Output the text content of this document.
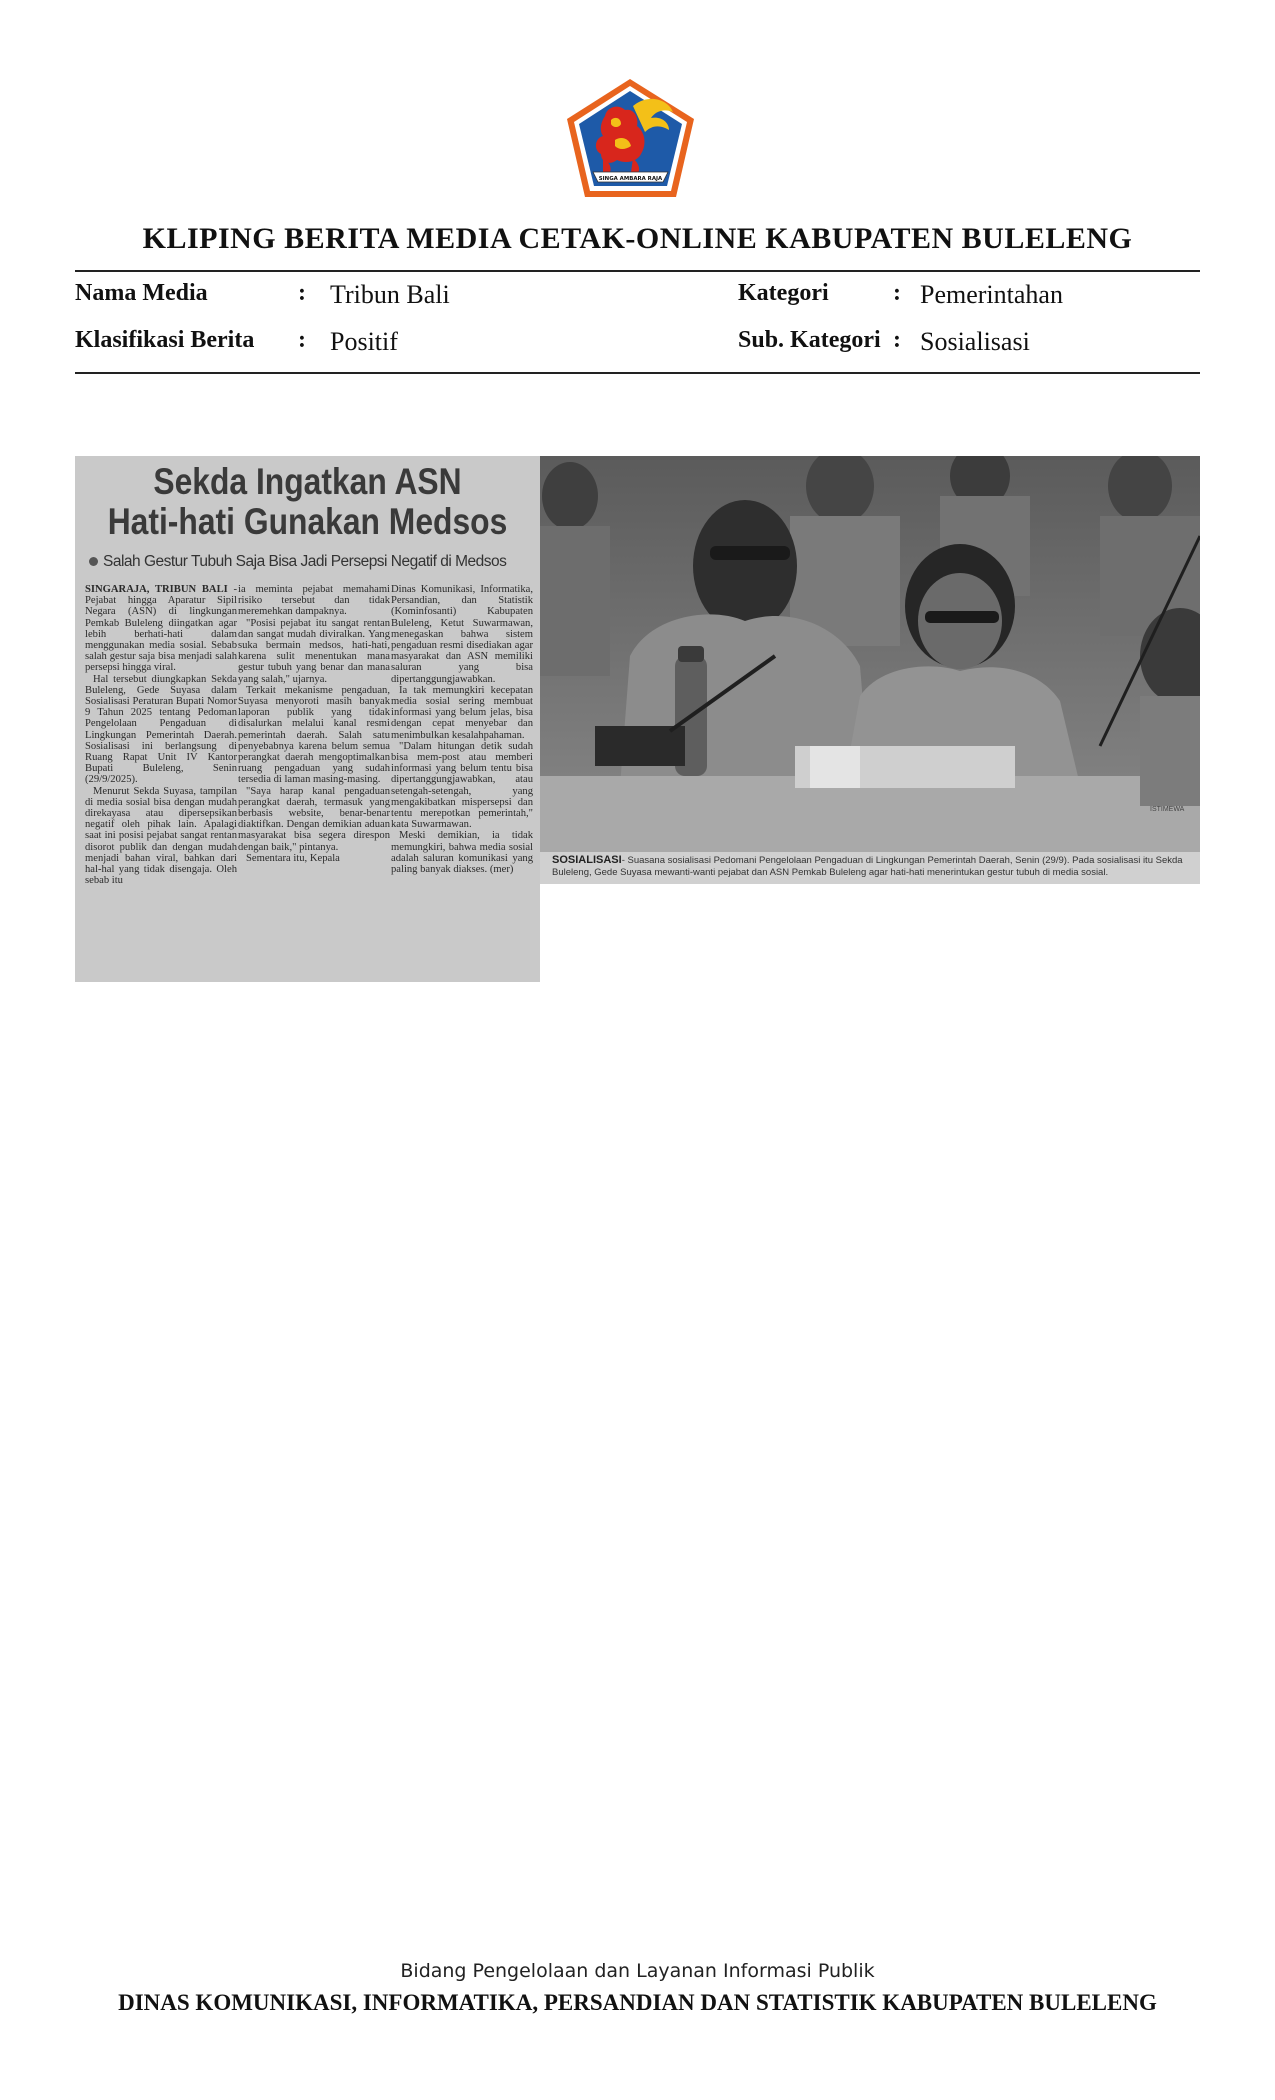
SINGA AMBARA RAJA
KLIPING BERITA MEDIA CETAK-ONLINE KABUPATEN BULELENG
Nama Media	: Tribun Bali	Kategori	: Pemerintahan
Klasifikasi Berita : Positif	Sub. Kategori : Sosialisasi
Sekda Ingatkan ASN
Hati-hati Gunakan Medsos
Salah Gestur Tubuh Saja Bisa Jadi Persepsi Negatif di Medsos

SINGARAJA, TRIBUN BALI - Pejabat hingga Aparatur Sipil Negara (ASN) di lingkungan Pemkab Buleleng diingatkan agar lebih berhati-hati dalam menggunakan media sosial. Sebab salah gestur saja bisa menjadi salah persepsi hingga viral.

Hal tersebut diungkapkan Sekda Buleleng, Gede Suyasa dalam Sosialisasi Peraturan Bupati Nomor 9 Tahun 2025 tentang Pedoman Pengelolaan Pengaduan di Lingkungan Pemerintah Daerah. Sosialisasi ini berlangsung di Ruang Rapat Unit IV Kantor Bupati Buleleng, Senin (29/9/2025).

Menurut Sekda Suyasa, tampilan di media sosial bisa dengan mudah direkayasa atau dipersepsikan negatif oleh pihak lain. Apalagi saat ini posisi pejabat sangat rentan disorot publik dan dengan mudah menjadi bahan viral, bahkan dari hal-hal yang tidak disengaja. Oleh sebab itu

ia meminta pejabat memahami risiko tersebut dan tidak meremehkan dampaknya.

"Posisi pejabat itu sangat rentan dan sangat mudah diviralkan. Yang suka bermain medsos, hati-hati, karena sulit menentukan mana gestur tubuh yang benar dan mana yang salah," ujarnya.

Terkait mekanisme pengaduan, Suyasa menyoroti masih banyak laporan publik yang tidak disalurkan melalui kanal resmi pemerintah daerah. Salah satu penyebabnya karena belum semua perangkat daerah mengoptimalkan ruang pengaduan yang sudah tersedia di laman masing-masing.

"Saya harap kanal pengaduan perangkat daerah, termasuk yang berbasis website, benar-benar diaktifkan. Dengan demikian aduan masyarakat bisa segera direspon dengan baik," pintanya.

Sementara itu, Kepala

Dinas Komunikasi, Informatika, Persandian, dan Statistik (Kominfosanti) Kabupaten Buleleng, Ketut Suwarmawan, menegaskan bahwa sistem pengaduan resmi disediakan agar masyarakat dan ASN memiliki saluran yang bisa dipertanggungjawabkan.

Ia tak memungkiri kecepatan media sosial sering membuat informasi yang belum jelas, bisa dengan cepat menyebar dan menimbulkan kesalahpahaman.

"Dalam hitungan detik sudah bisa mem-post atau memberi informasi yang belum tentu bisa dipertanggungjawabkan, atau setengah-setengah, yang mengakibatkan mispersepsi dan tentu merepotkan pemerintah," kata Suwarmawan.

Meski demikian, ia tidak memungkiri, bahwa media sosial adalah saluran komunikasi yang paling banyak diakses. (mer)

ISTIMEWA
SOSIALISASI- Suasana sosialisasi Pedomani Pengelolaan Pengaduan di Lingkungan Pemerintah Daerah, Senin (29/9). Pada sosialisasi itu Sekda Buleleng, Gede Suyasa mewanti-wanti pejabat dan ASN Pemkab Buleleng agar hati-hati menerintukan gestur tubuh di media sosial.
Bidang Pengelolaan dan Layanan Informasi Publik
DINAS KOMUNIKASI, INFORMATIKA, PERSANDIAN DAN STATISTIK KABUPATEN BULELENG
